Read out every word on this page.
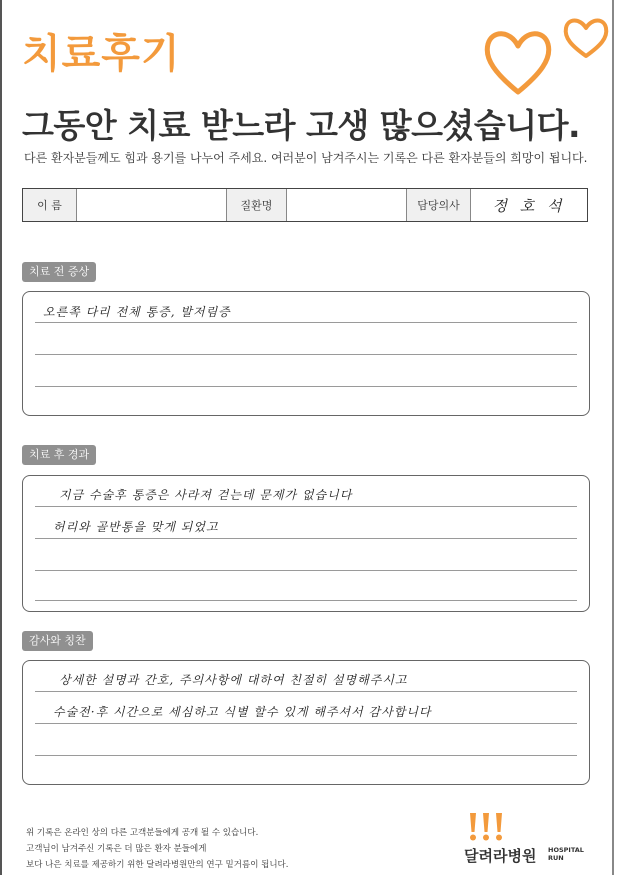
치료후기
그동안 치료 받느라 고생 많으셨습니다.
다른 환자분들께도 힘과 용기를 나누어 주세요. 여러분이 남겨주시는 기록은 다른 환자분들의 희망이 됩니다.
이 름	질환명	담당의사	정 호 석
치료 전 증상
오른쪽 다리 전체 통증, 발저림증
치료 후 경과
지금 수술후 통증은 사라져 걷는데 문제가 없습니다
허리와 골반통을 맞게 되었고
감사와 칭찬
상세한 설명과 간호, 주의사항에 대하여 친절히 설명해주시고
수술전·후 시간으로 세심하고 식별 할수 있게 해주셔서 감사합니다
위 기록은 온라인 상의 다른 고객분들에게 공개 될 수 있습니다.
고객님이 남겨주신 기록은 더 많은 환자 분들에게
보다 나은 치료를 제공하기 위한 달려라병원만의 연구 밑거름이 됩니다.	달려라병원 HOSPITAL
RUN
